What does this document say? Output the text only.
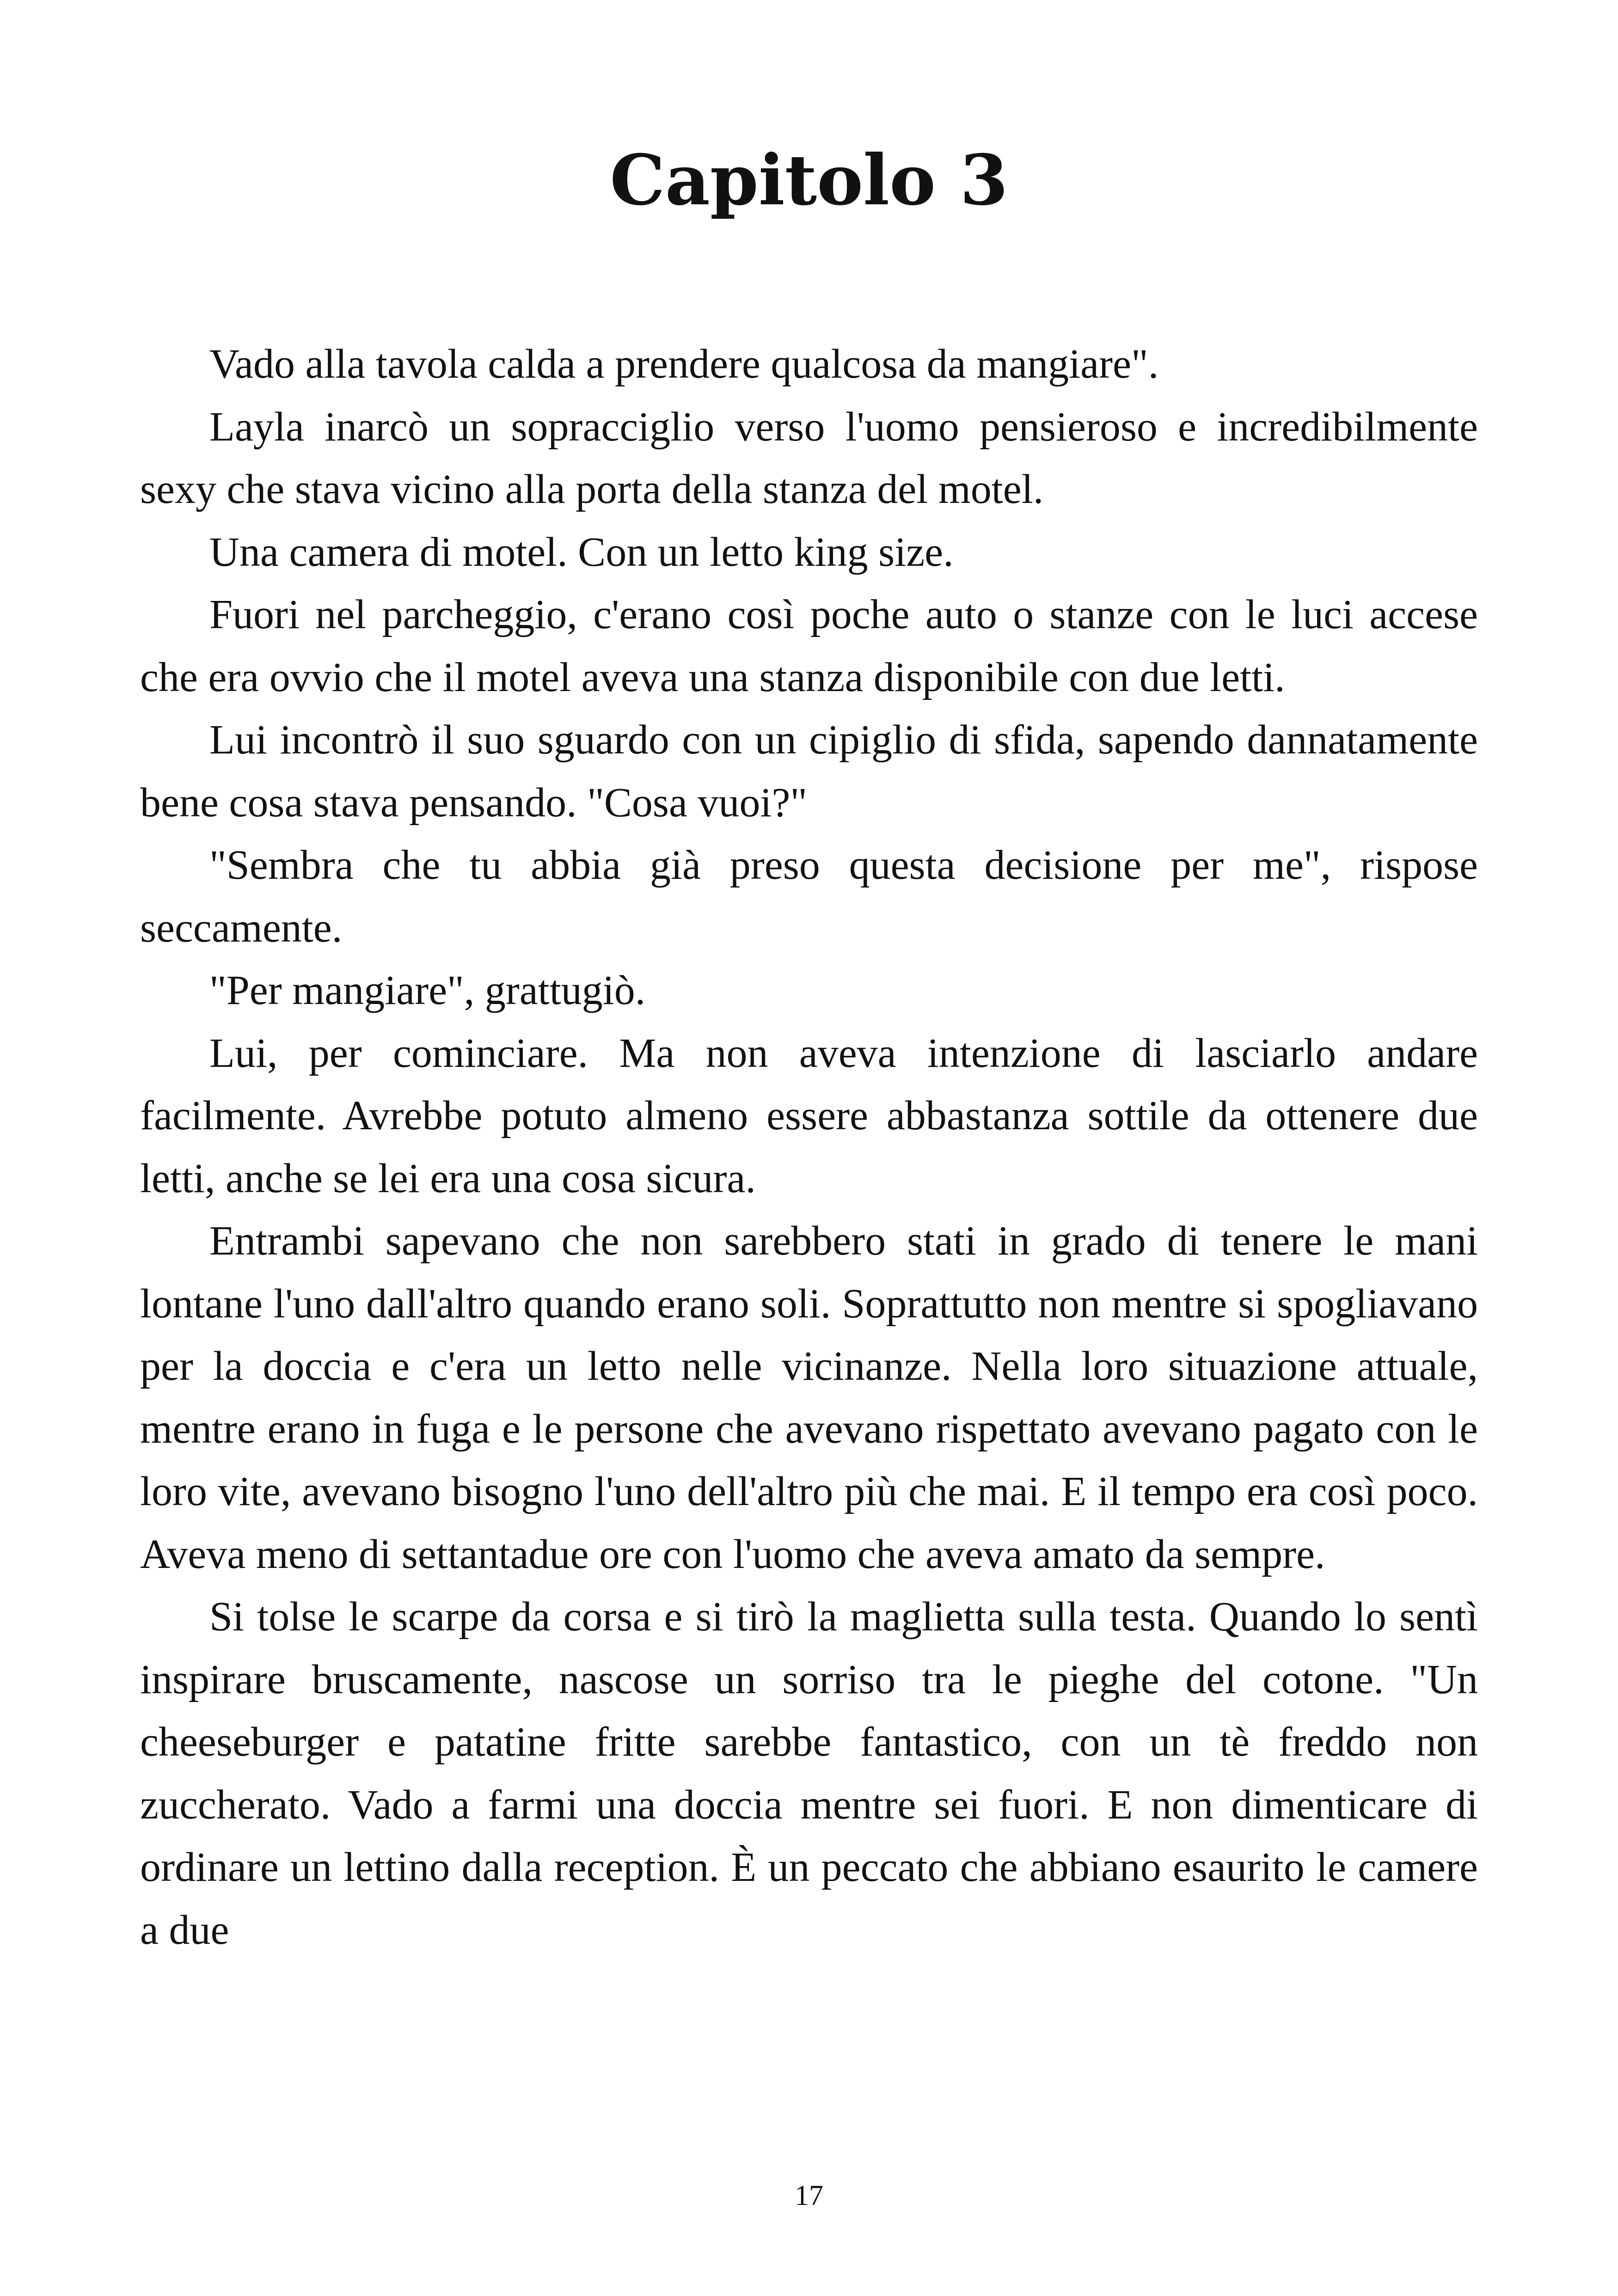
Capitolo 3

Vado alla tavola calda a prendere qualcosa da mangiare".

Layla inarcò un sopracciglio verso l'uomo pensieroso e incredibilmente sexy che stava vicino alla porta della stanza del motel.

Una camera di motel. Con un letto king size.

Fuori nel parcheggio, c'erano così poche auto o stanze con le luci accese che era ovvio che il motel aveva una stanza disponibile con due letti.

Lui incontrò il suo sguardo con un cipiglio di sfida, sapendo dannatamente bene cosa stava pensando. "Cosa vuoi?"

"Sembra che tu abbia già preso questa decisione per me", rispose seccamente.

"Per mangiare", grattugiò.

Lui, per cominciare. Ma non aveva intenzione di lasciarlo andare facilmente. Avrebbe potuto almeno essere abbastanza sottile da ottenere due letti, anche se lei era una cosa sicura.

Entrambi sapevano che non sarebbero stati in grado di tenere le mani lontane l'uno dall'altro quando erano soli. Soprattutto non mentre si spogliavano per la doccia e c'era un letto nelle vicinanze. Nella loro situazione attuale, mentre erano in fuga e le persone che avevano rispettato avevano pagato con le loro vite, avevano bisogno l'uno dell'altro più che mai. E il tempo era così poco. Aveva meno di settantadue ore con l'uomo che aveva amato da sempre.

Si tolse le scarpe da corsa e si tirò la maglietta sulla testa. Quando lo sentì inspirare bruscamente, nascose un sorriso tra le pieghe del cotone. "Un cheeseburger e patatine fritte sarebbe fantastico, con un tè freddo non zuccherato. Vado a farmi una doccia mentre sei fuori. E non dimenticare di ordinare un lettino dalla reception. È un peccato che abbiano esaurito le camere a due

17
